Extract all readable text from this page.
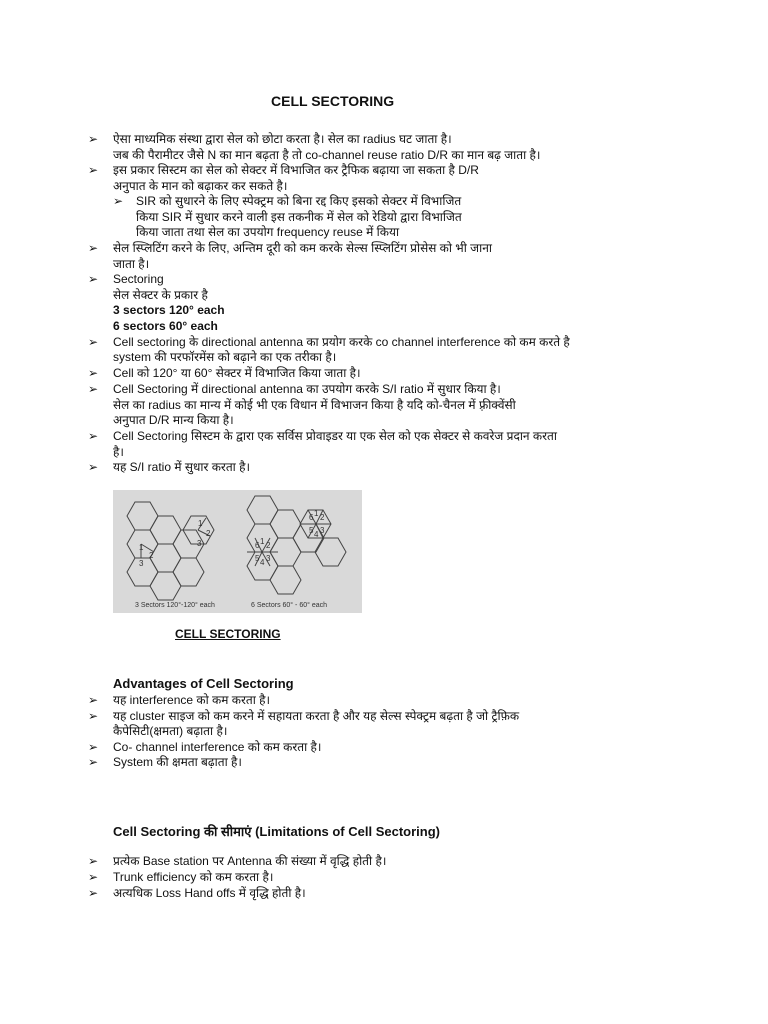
CELL SECTORING
➢	ऐसा माध्यमिक संस्था द्वारा सेल को छोटा करता है। सेल का radius घट जाता है।
जब की पैरामीटर जैसे N का मान बढ़ता है तो co-channel reuse ratio D/R का मान बढ़ जाता है।
➢	इस प्रकार सिस्टम का सेल को सेक्टर में विभाजित कर ट्रैफिक बढ़ाया जा सकता है D/R
अनुपात के मान को बढ़ाकर कर सकते है।
➢	SIR को सुधारने के लिए स्पेक्ट्रम को बिना रद्द किए इसको सेक्टर में विभाजित
किया SIR में सुधार करने वाली इस तकनीक में सेल को रेडियो द्वारा विभाजित
किया जाता तथा सेल का उपयोग frequency reuse में किया
➢	सेल स्प्लिटिंग करने के लिए, अन्तिम दूरी को कम करके सेल्स स्प्लिटिंग प्रोसेस को भी जाना
जाता है।
➢	Sectoring
सेल सेक्टर के प्रकार है
3 sectors 120° each
6 sectors 60° each
➢	Cell sectoring के directional antenna का प्रयोग करके co channel interference को कम करते है
system की परफॉरमेंस को बढ़ाने का एक तरीका है।
➢	Cell को 120° या 60° सेक्टर में विभाजित किया जाता है।
➢	Cell Sectoring में directional antenna का उपयोग करके S/I ratio में सुधार किया है।
सेल का radius का मान्य में कोई भी एक विधान में विभाजन किया है यदि को-चैनल में फ़्रीक्वेंसी
अनुपात D/R मान्य किया है।
➢	Cell Sectoring सिस्टम के द्वारा एक सर्विस प्रोवाइडर या एक सेल को एक सेक्टर से कवरेज प्रदान करता
है।
➢	यह S/I ratio में सुधार करता है।
1
2
3
1
2
3	6 1 2
5 4 3
6 1 2
5 4 3
3 Sectors 120°-120° each	6 Sectors 60° - 60° each
CELL SECTORING
Advantages of Cell Sectoring
➢	यह interference को कम करता है।
➢	यह cluster साइज को कम करने में सहायता करता है और यह सेल्स स्पेक्ट्रम बढ़ता है जो ट्रैफ़िक
कैपेसिटी(क्षमता) बढ़ाता है।
➢	Co- channel interference को कम करता है।
➢	System की क्षमता बढ़ाता है।
Cell Sectoring की सीमाएं (Limitations of Cell Sectoring)
➢	प्रत्येक Base station पर Antenna की संख्या में वृद्धि होती है।
➢	Trunk efficiency को कम करता है।
➢	अत्यधिक Loss Hand offs में वृद्धि होती है।
